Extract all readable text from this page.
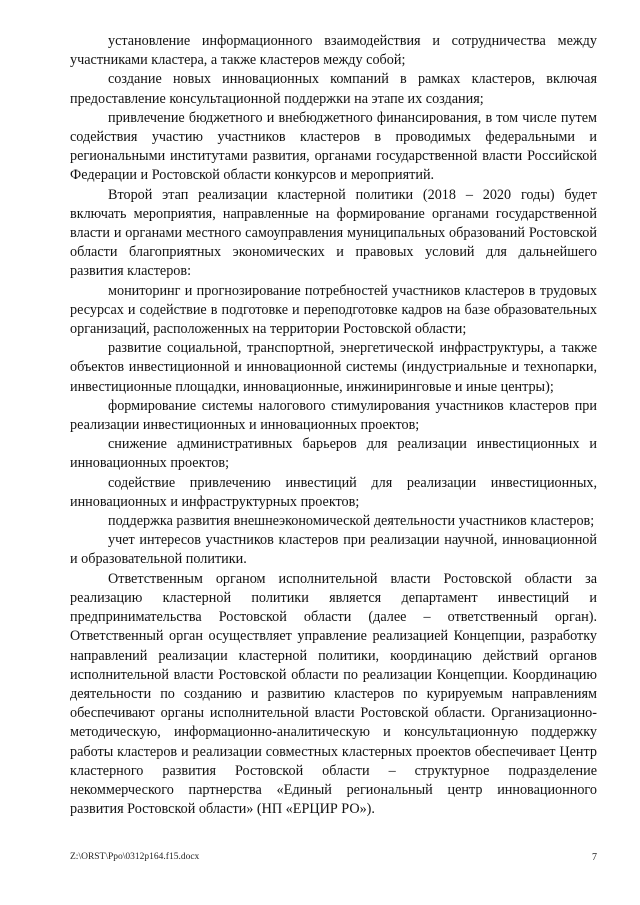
установление информационного взаимодействия и сотрудничества между участниками кластера, а также кластеров между собой;

создание новых инновационных компаний в рамках кластеров, включая предоставление консультационной поддержки на этапе их создания;

привлечение бюджетного и внебюджетного финансирования, в том числе путем содействия участию участников кластеров в проводимых федеральными и региональными институтами развития, органами государственной власти Российской Федерации и Ростовской области конкурсов и мероприятий.

Второй этап реализации кластерной политики (2018 – 2020 годы) будет включать мероприятия, направленные на формирование органами государственной власти и органами местного самоуправления муниципальных образований Ростовской области благоприятных экономических и правовых условий для дальнейшего развития кластеров:

мониторинг и прогнозирование потребностей участников кластеров в трудовых ресурсах и содействие в подготовке и переподготовке кадров на базе образовательных организаций, расположенных на территории Ростовской области;

развитие социальной, транспортной, энергетической инфраструктуры, а также объектов инвестиционной и инновационной системы (индустриальные и технопарки, инвестиционные площадки, инновационные, инжиниринговые и иные центры);

формирование системы налогового стимулирования участников кластеров при реализации инвестиционных и инновационных проектов;

снижение административных барьеров для реализации инвестиционных и инновационных проектов;

содействие привлечению инвестиций для реализации инвестиционных, инновационных и инфраструктурных проектов;

поддержка развития внешнеэкономической деятельности участников кластеров;

учет интересов участников кластеров при реализации научной, инновационной и образовательной политики.

Ответственным органом исполнительной власти Ростовской области за реализацию кластерной политики является департамент инвестиций и предпринимательства Ростовской области (далее – ответственный орган). Ответственный орган осуществляет управление реализацией Концепции, разработку направлений реализации кластерной политики, координацию действий органов исполнительной власти Ростовской области по реализации Концепции. Координацию деятельности по созданию и развитию кластеров по курируемым направлениям обеспечивают органы исполнительной власти Ростовской области. Организационно-методическую, информационно-аналитическую и консультационную поддержку работы кластеров и реализации совместных кластерных проектов обеспечивает Центр кластерного развития Ростовской области – структурное подразделение некоммерческого партнерства «Единый региональный центр инновационного развития Ростовской области» (НП «ЕРЦИР РО»).

Z:\ORST\Ppo\0312p164.f15.docx	7
